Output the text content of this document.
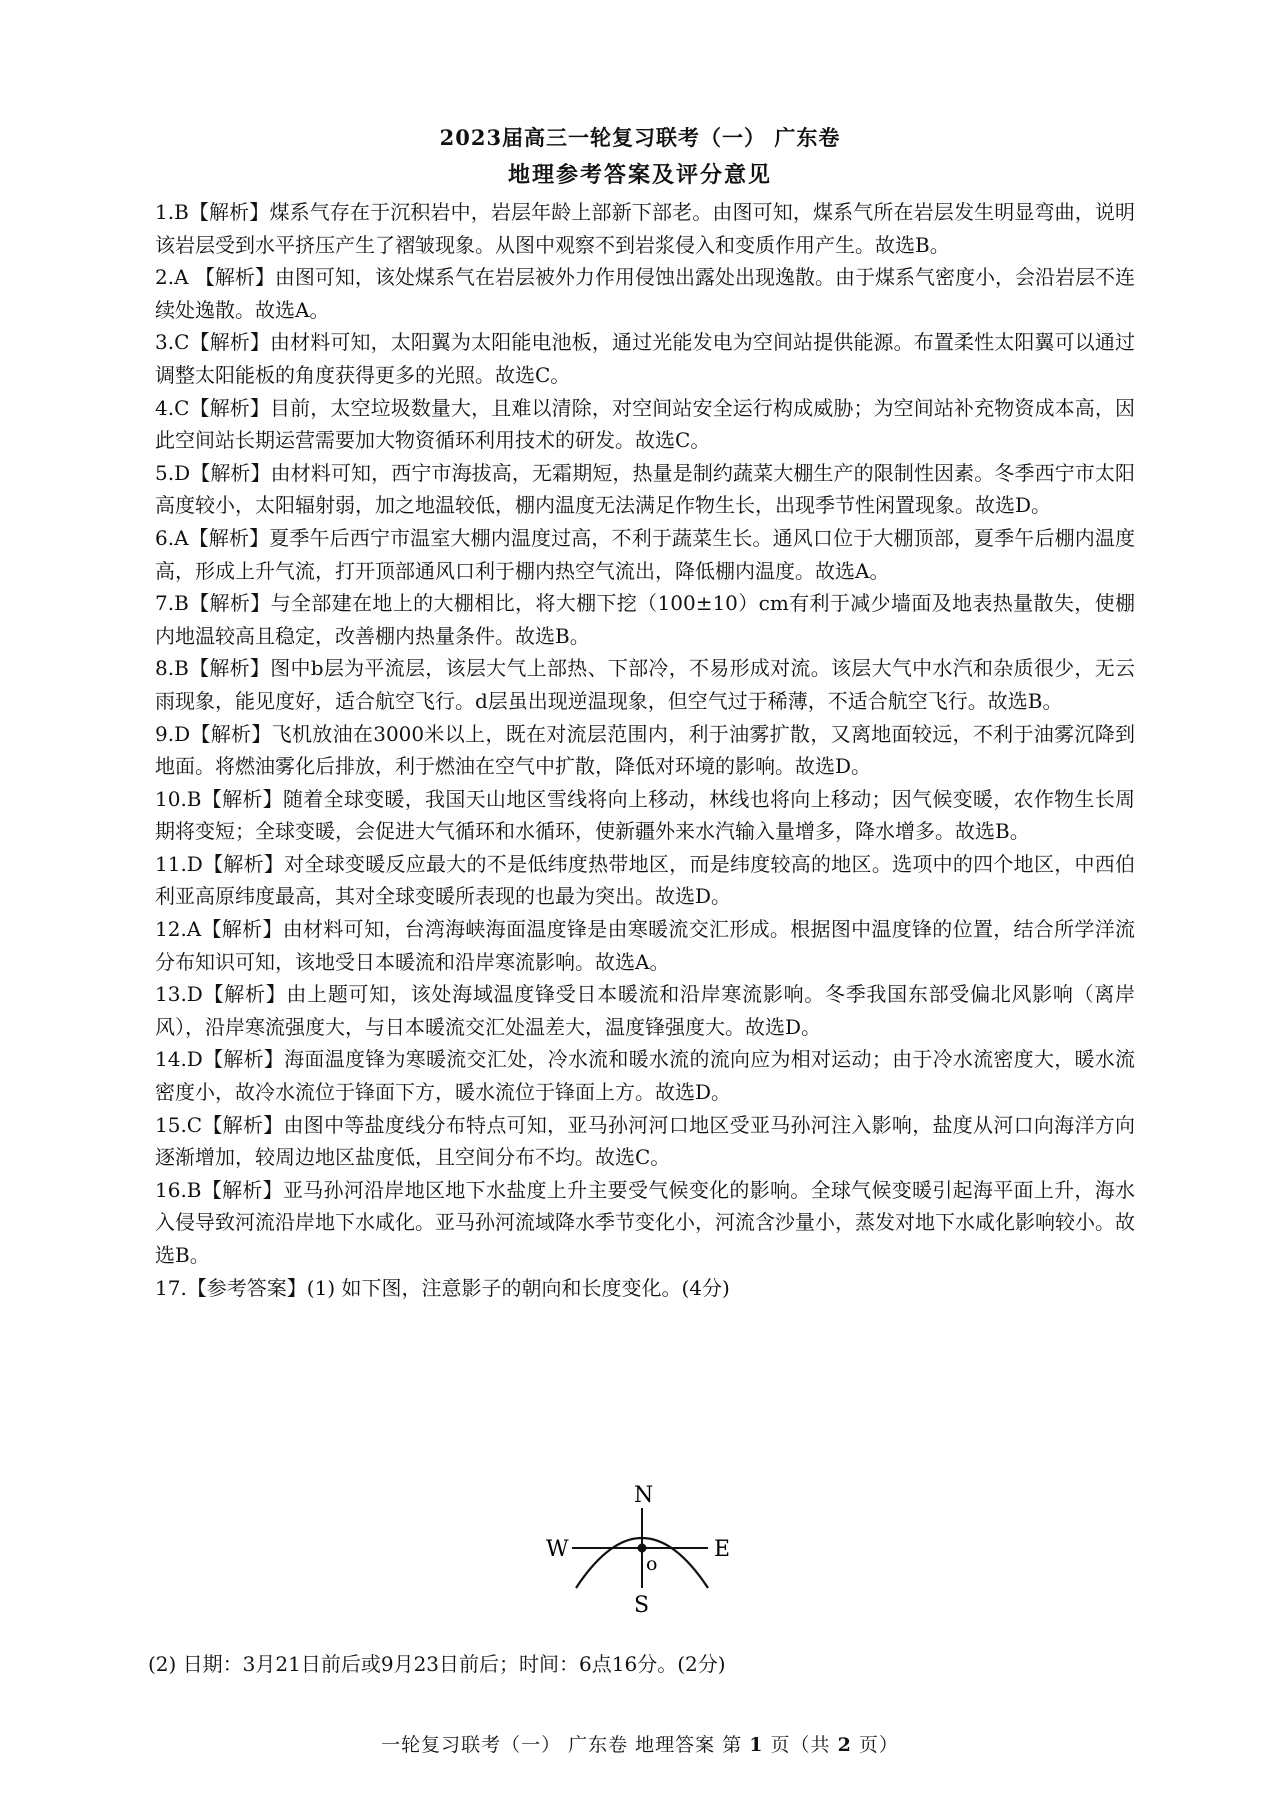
2023届高三一轮复习联考（一） 广东卷
地理参考答案及评分意见

1.B【解析】煤系气存在于沉积岩中，岩层年龄上部新下部老。由图可知，煤系气所在岩层发生明显弯曲，说明该岩层受到水平挤压产生了褶皱现象。从图中观察不到岩浆侵入和变质作用产生。故选B。

2.A 【解析】由图可知，该处煤系气在岩层被外力作用侵蚀出露处出现逸散。由于煤系气密度小，会沿岩层不连续处逸散。故选A。

3.C【解析】由材料可知，太阳翼为太阳能电池板，通过光能发电为空间站提供能源。布置柔性太阳翼可以通过调整太阳能板的角度获得更多的光照。故选C。

4.C【解析】目前，太空垃圾数量大，且难以清除，对空间站安全运行构成威胁；为空间站补充物资成本高，因此空间站长期运营需要加大物资循环利用技术的研发。故选C。

5.D【解析】由材料可知，西宁市海拔高，无霜期短，热量是制约蔬菜大棚生产的限制性因素。冬季西宁市太阳高度较小，太阳辐射弱，加之地温较低，棚内温度无法满足作物生长，出现季节性闲置现象。故选D。

6.A【解析】夏季午后西宁市温室大棚内温度过高，不利于蔬菜生长。通风口位于大棚顶部，夏季午后棚内温度高，形成上升气流，打开顶部通风口利于棚内热空气流出，降低棚内温度。故选A。

7.B【解析】与全部建在地上的大棚相比，将大棚下挖（100±10）cm有利于减少墙面及地表热量散失，使棚内地温较高且稳定，改善棚内热量条件。故选B。

8.B【解析】图中b层为平流层，该层大气上部热、下部冷，不易形成对流。该层大气中水汽和杂质很少，无云雨现象，能见度好，适合航空飞行。d层虽出现逆温现象，但空气过于稀薄，不适合航空飞行。故选B。

9.D【解析】飞机放油在3000米以上，既在对流层范围内，利于油雾扩散，又离地面较远，不利于油雾沉降到地面。将燃油雾化后排放，利于燃油在空气中扩散，降低对环境的影响。故选D。

10.B【解析】随着全球变暖，我国天山地区雪线将向上移动，林线也将向上移动；因气候变暖，农作物生长周期将变短；全球变暖，会促进大气循环和水循环，使新疆外来水汽输入量增多，降水增多。故选B。

11.D【解析】对全球变暖反应最大的不是低纬度热带地区，而是纬度较高的地区。选项中的四个地区，中西伯利亚高原纬度最高，其对全球变暖所表现的也最为突出。故选D。

12.A【解析】由材料可知，台湾海峡海面温度锋是由寒暖流交汇形成。根据图中温度锋的位置，结合所学洋流分布知识可知，该地受日本暖流和沿岸寒流影响。故选A。

13.D【解析】由上题可知，该处海域温度锋受日本暖流和沿岸寒流影响。冬季我国东部受偏北风影响（离岸风），沿岸寒流强度大，与日本暖流交汇处温差大，温度锋强度大。故选D。

14.D【解析】海面温度锋为寒暖流交汇处，冷水流和暖水流的流向应为相对运动；由于冷水流密度大，暖水流密度小，故冷水流位于锋面下方，暖水流位于锋面上方。故选D。

15.C【解析】由图中等盐度线分布特点可知，亚马孙河河口地区受亚马孙河注入影响，盐度从河口向海洋方向逐渐增加，较周边地区盐度低，且空间分布不均。故选C。

16.B【解析】亚马孙河沿岸地区地下水盐度上升主要受气候变化的影响。全球气候变暖引起海平面上升，海水入侵导致河流沿岸地下水咸化。亚马孙河流域降水季节变化小，河流含沙量小，蒸发对地下水咸化影响较小。故选B。

17.【参考答案】(1) 如下图，注意影子的朝向和长度变化。(4分)

N
S
W	E
o
(2) 日期：3月21日前后或9月23日前后；时间：6点16分。(2分)
一轮复习联考（一） 广东卷 地理答案 第 1 页（共 2 页）
